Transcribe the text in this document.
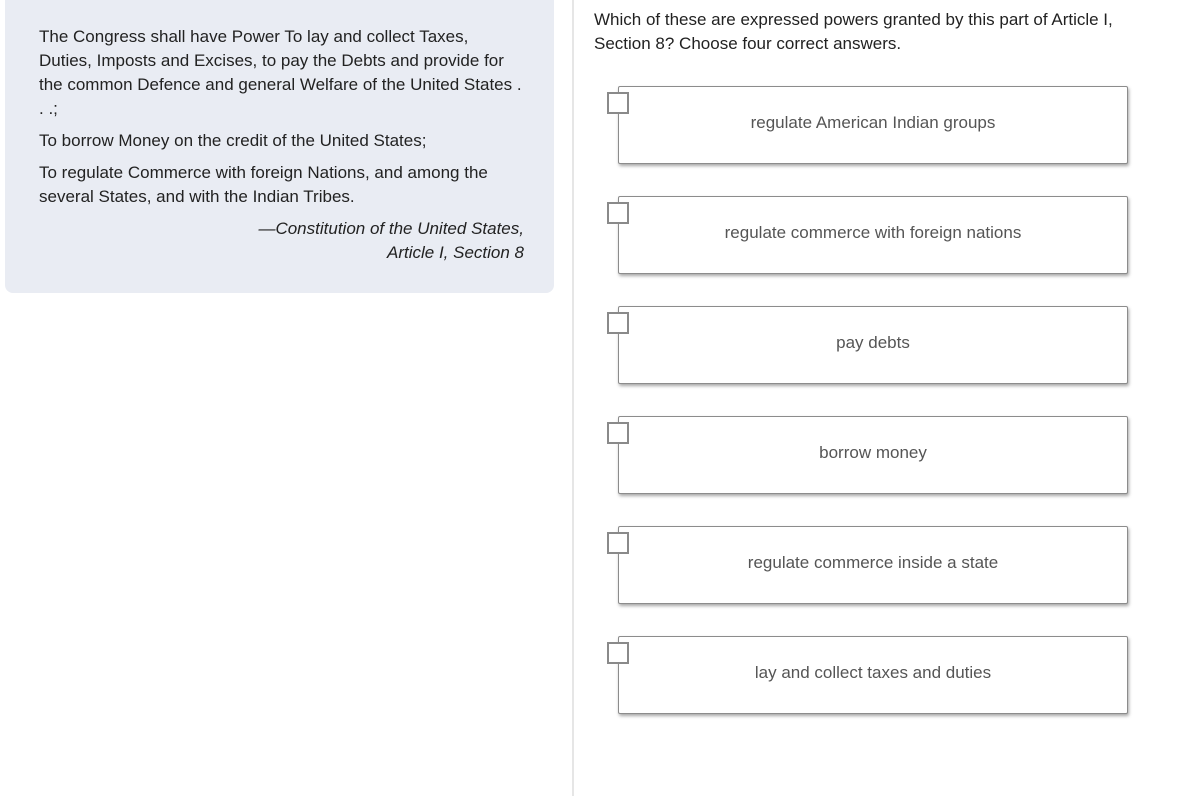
The Congress shall have Power To lay and collect Taxes, Duties, Imposts and Excises, to pay the Debts and provide for the common Defence and general Welfare of the United States . . .;

To borrow Money on the credit of the United States;

To regulate Commerce with foreign Nations, and among the several States, and with the Indian Tribes.

—Constitution of the United States,
Article I, Section 8
Which of these are expressed powers granted by this part of Article I, Section 8? Choose four correct answers.
regulate American Indian groups
regulate commerce with foreign nations
pay debts
borrow money
regulate commerce inside a state
lay and collect taxes and duties
